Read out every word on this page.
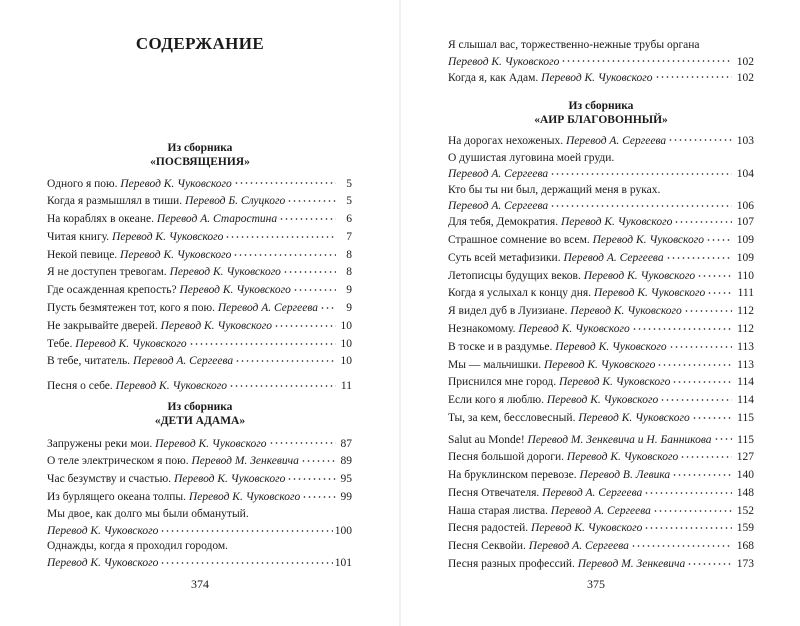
СОДЕРЖАНИЕ
Из сборника
«ПОСВЯЩЕНИЯ»
Одного я пою.
Перевод К. Чуковского	5
Когда я размышлял в тиши.
Перевод Б. Слуцкого	5
На кораблях в океане.
Перевод А. Старостина	6
Читая книгу.
Перевод К. Чуковского	7
Некой певице.
Перевод К. Чуковского	8
Я не доступен тревогам.
Перевод К. Чуковского	8
Где осажденная крепость?
Перевод К. Чуковского	9
Пусть безмятежен тот, кого я пою.
Перевод А. Сергеева	9
Не закрывайте дверей.
Перевод К. Чуковского	10
Тебе.
Перевод К. Чуковского	10
В тебе, читатель.
Перевод А. Сергеева	10
Песня о себе.
Перевод К. Чуковского	11
Из сборника
«ДЕТИ АДАМА»
Запружены реки мои.
Перевод К. Чуковского	87
О теле электрическом я пою.
Перевод М. Зенкевича	89
Час безумству и счастью.
Перевод К. Чуковского	95
Из бурлящего океана толпы.
Перевод К. Чуковского	99
Мы двое, как долго мы были обманутый.
Перевод К. Чуковского	100
Однажды, когда я проходил городом.
Перевод К. Чуковского	101
374
Я слышал вас, торжественно-нежные трубы органа
Перевод К. Чуковского	102
Когда я, как Адам.
Перевод К. Чуковского	102
Из сборника
«АИР БЛАГОВОННЫЙ»
На дорогах нехоженых.
Перевод А. Сергеева	103
О душистая луговина моей груди.
Перевод А. Сергеева	104
Кто бы ты ни был, держащий меня в руках.
Перевод А. Сергеева	106
Для тебя, Демократия.
Перевод К. Чуковского	107
Страшное сомнение во всем.
Перевод К. Чуковского	109
Суть всей метафизики.
Перевод А. Сергеева	109
Летописцы будущих веков.
Перевод К. Чуковского	110
Когда я услыхал к концу дня.
Перевод К. Чуковского	111
Я видел дуб в Луизиане.
Перевод К. Чуковского	112
Незнакомому.
Перевод К. Чуковского	112
В тоске и в раздумье.
Перевод К. Чуковского	113
Мы — мальчишки.
Перевод К. Чуковского	113
Приснился мне город.
Перевод К. Чуковского	114
Если кого я люблю.
Перевод К. Чуковского	114
Ты, за кем, бессловесный.
Перевод К. Чуковского	115
Salut au Monde!
Перевод М. Зенкевича и Н. Банникова 115
Песня большой дороги.
Перевод К. Чуковского	127
На бруклинском перевозе.
Перевод В. Левика	140
Песня Отвечателя.
Перевод А. Сергеева	148
Наша старая листва.
Перевод А. Сергеева	152
Песня радостей.
Перевод К. Чуковского	159
Песня Секвойи.
Перевод А. Сергеева	168
Песня разных профессий.
Перевод М. Зенкевича	173
375
